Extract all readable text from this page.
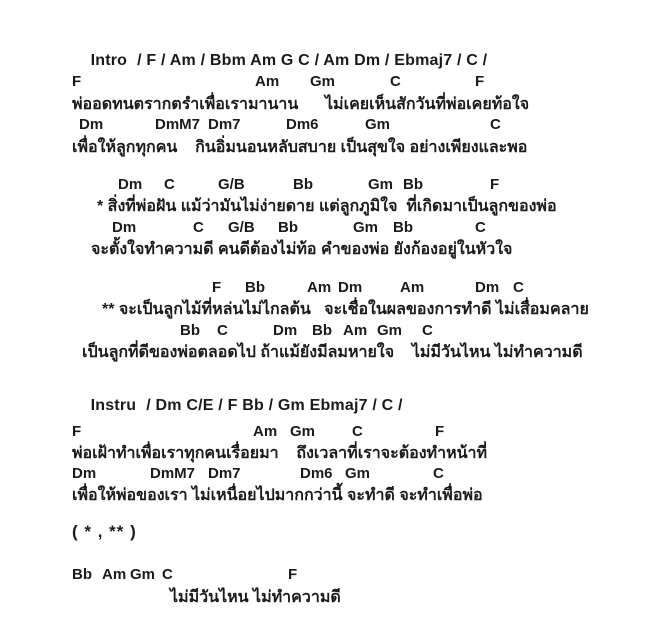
Intro / F / Am / Bbm Am G C / Am Dm / Ebmaj7 / C /

F	Am Gm	C	F
พ่ออดทนตรากตรำเพื่อเรามานาน      ไม่เคยเห็นสักวันที่พ่อเคยท้อใจ
Dm	DmM7 Dm7	Dm6	Gm	C
เพื่อให้ลูกทุกคน    กินอิ่มนอนหลับสบาย เป็นสุขใจ อย่างเพียงและพอ
Dm C	G/B	Bb	Gm Bb	F
* สิ่งที่พ่อฝัน แม้ว่ามันไม่ง่ายดาย แต่ลูกภูมิใจ  ที่เกิดมาเป็นลูกของพ่อ
Dm	C G/B Bb	Gm Bb	C
จะตั้งใจทำความดี คนดีต้องไม่ท้อ คำของพ่อ ยังก้องอยู่ในหัวใจ
F Bb	Am Dm	Am	Dm C
** จะเป็นลูกไม้ที่หล่นไม่ไกลต้น   จะเชื่อในผลของการทำดี ไม่เสื่อมคลาย
Bb C	Dm Bb Am Gm C
เป็นลูกที่ดีของพ่อตลอดไป ถ้าแม้ยังมีลมหายใจ    ไม่มีวันไหน ไม่ทำความดี

Instru / Dm C/E / F Bb / Gm Ebmaj7 / C /

F	Am Gm C	F
พ่อเฝ้าทำเพื่อเราทุกคนเรื่อยมา    ถึงเวลาที่เราจะต้องทำหน้าที่
Dm	DmM7 Dm7	Dm6 Gm	C
เพื่อให้พ่อของเรา ไม่เหนื่อยไปมากกว่านี้ จะทำดี จะทำเพื่อพ่อ
( * , ** )
Bb Am Gm C	F
ไม่มีวันไหน ไม่ทำความดี
